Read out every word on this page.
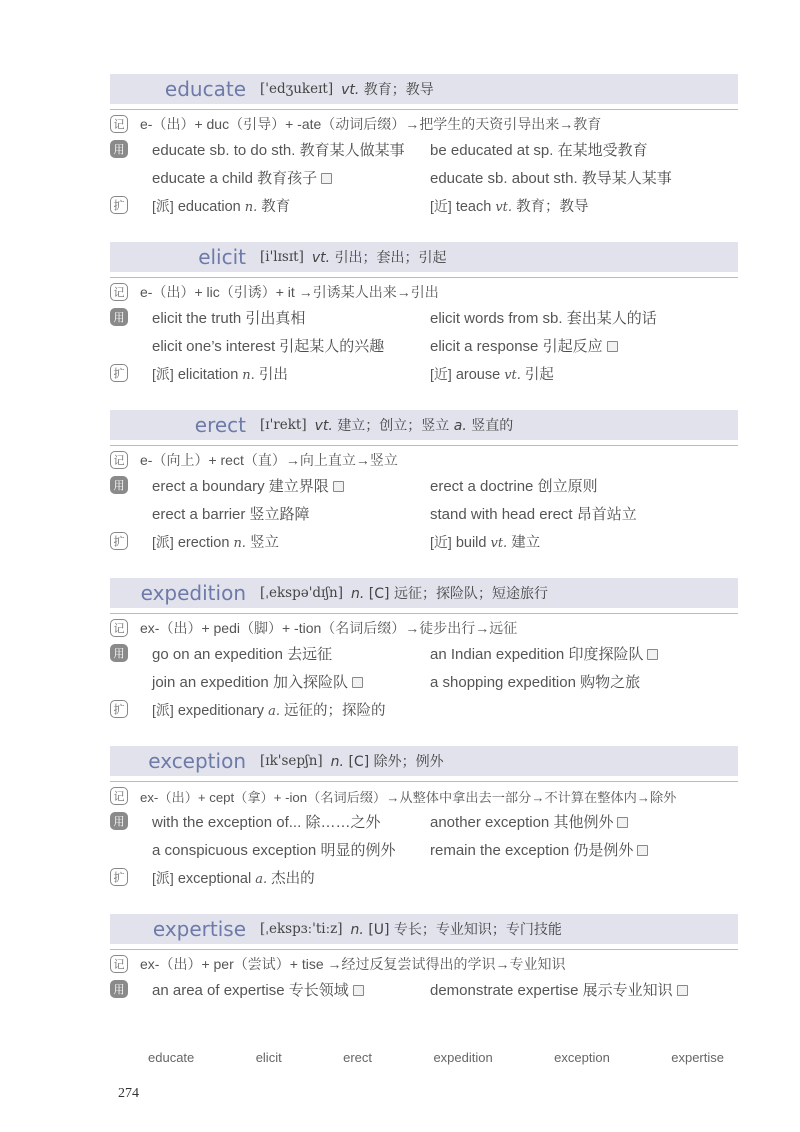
educate	['edʒukeɪt] vt. 教育；教导
记 e-（出）+ duc（引导）+ -ate（动词后缀）→把学生的天资引导出来→教育
用 educate sb. to do sth. 教育某人做某事	be educated at sp. 在某地受教育
educate a child 教育孩子	educate sb. about sth. 教导某人某事
扩 [派] education n. 教育	[近] teach vt. 教育；教导
elicit	[i'lɪsɪt] vt. 引出；套出；引起
记 e-（出）+ lic（引诱）+ it →引诱某人出来→引出
用 elicit the truth 引出真相	elicit words from sb. 套出某人的话
elicit one’s interest 引起某人的兴趣	elicit a response 引起反应
扩 [派] elicitation n. 引出	[近] arouse vt. 引起
erect	[ɪ'rekt] vt. 建立；创立；竖立 a. 竖直的
记 e-（向上）+ rect（直）→向上直立→竖立
用 erect a boundary 建立界限	erect a doctrine 创立原则
erect a barrier 竖立路障	stand with head erect 昂首站立
扩 [派] erection n. 竖立	[近] build vt. 建立
expedition	[ˌekspə'dɪʃn] n. [C] 远征；探险队；短途旅行
记 ex-（出）+ pedi（脚）+ -tion（名词后缀）→徒步出行→远征
用 go on an expedition 去远征	an Indian expedition 印度探险队
join an expedition 加入探险队	a shopping expedition 购物之旅
扩 [派] expeditionary a. 远征的；探险的
exception	[ɪk'sepʃn] n. [C] 除外；例外
记 ex-（出）+ cept（拿）+ -ion（名词后缀）→从整体中拿出去一部分→不计算在整体内→除外
用 with the exception of... 除……之外	another exception 其他例外
a conspicuous exception 明显的例外	remain the exception 仍是例外
扩 [派] exceptional a. 杰出的
expertise	[ˌekspɜː'tiːz] n. [U] 专长；专业知识；专门技能
记 ex-（出）+ per（尝试）+ tise →经过反复尝试得出的学识→专业知识
用 an area of expertise 专长领域	demonstrate expertise 展示专业知识
educate	elicit	erect	expedition	exception	expertise
274
